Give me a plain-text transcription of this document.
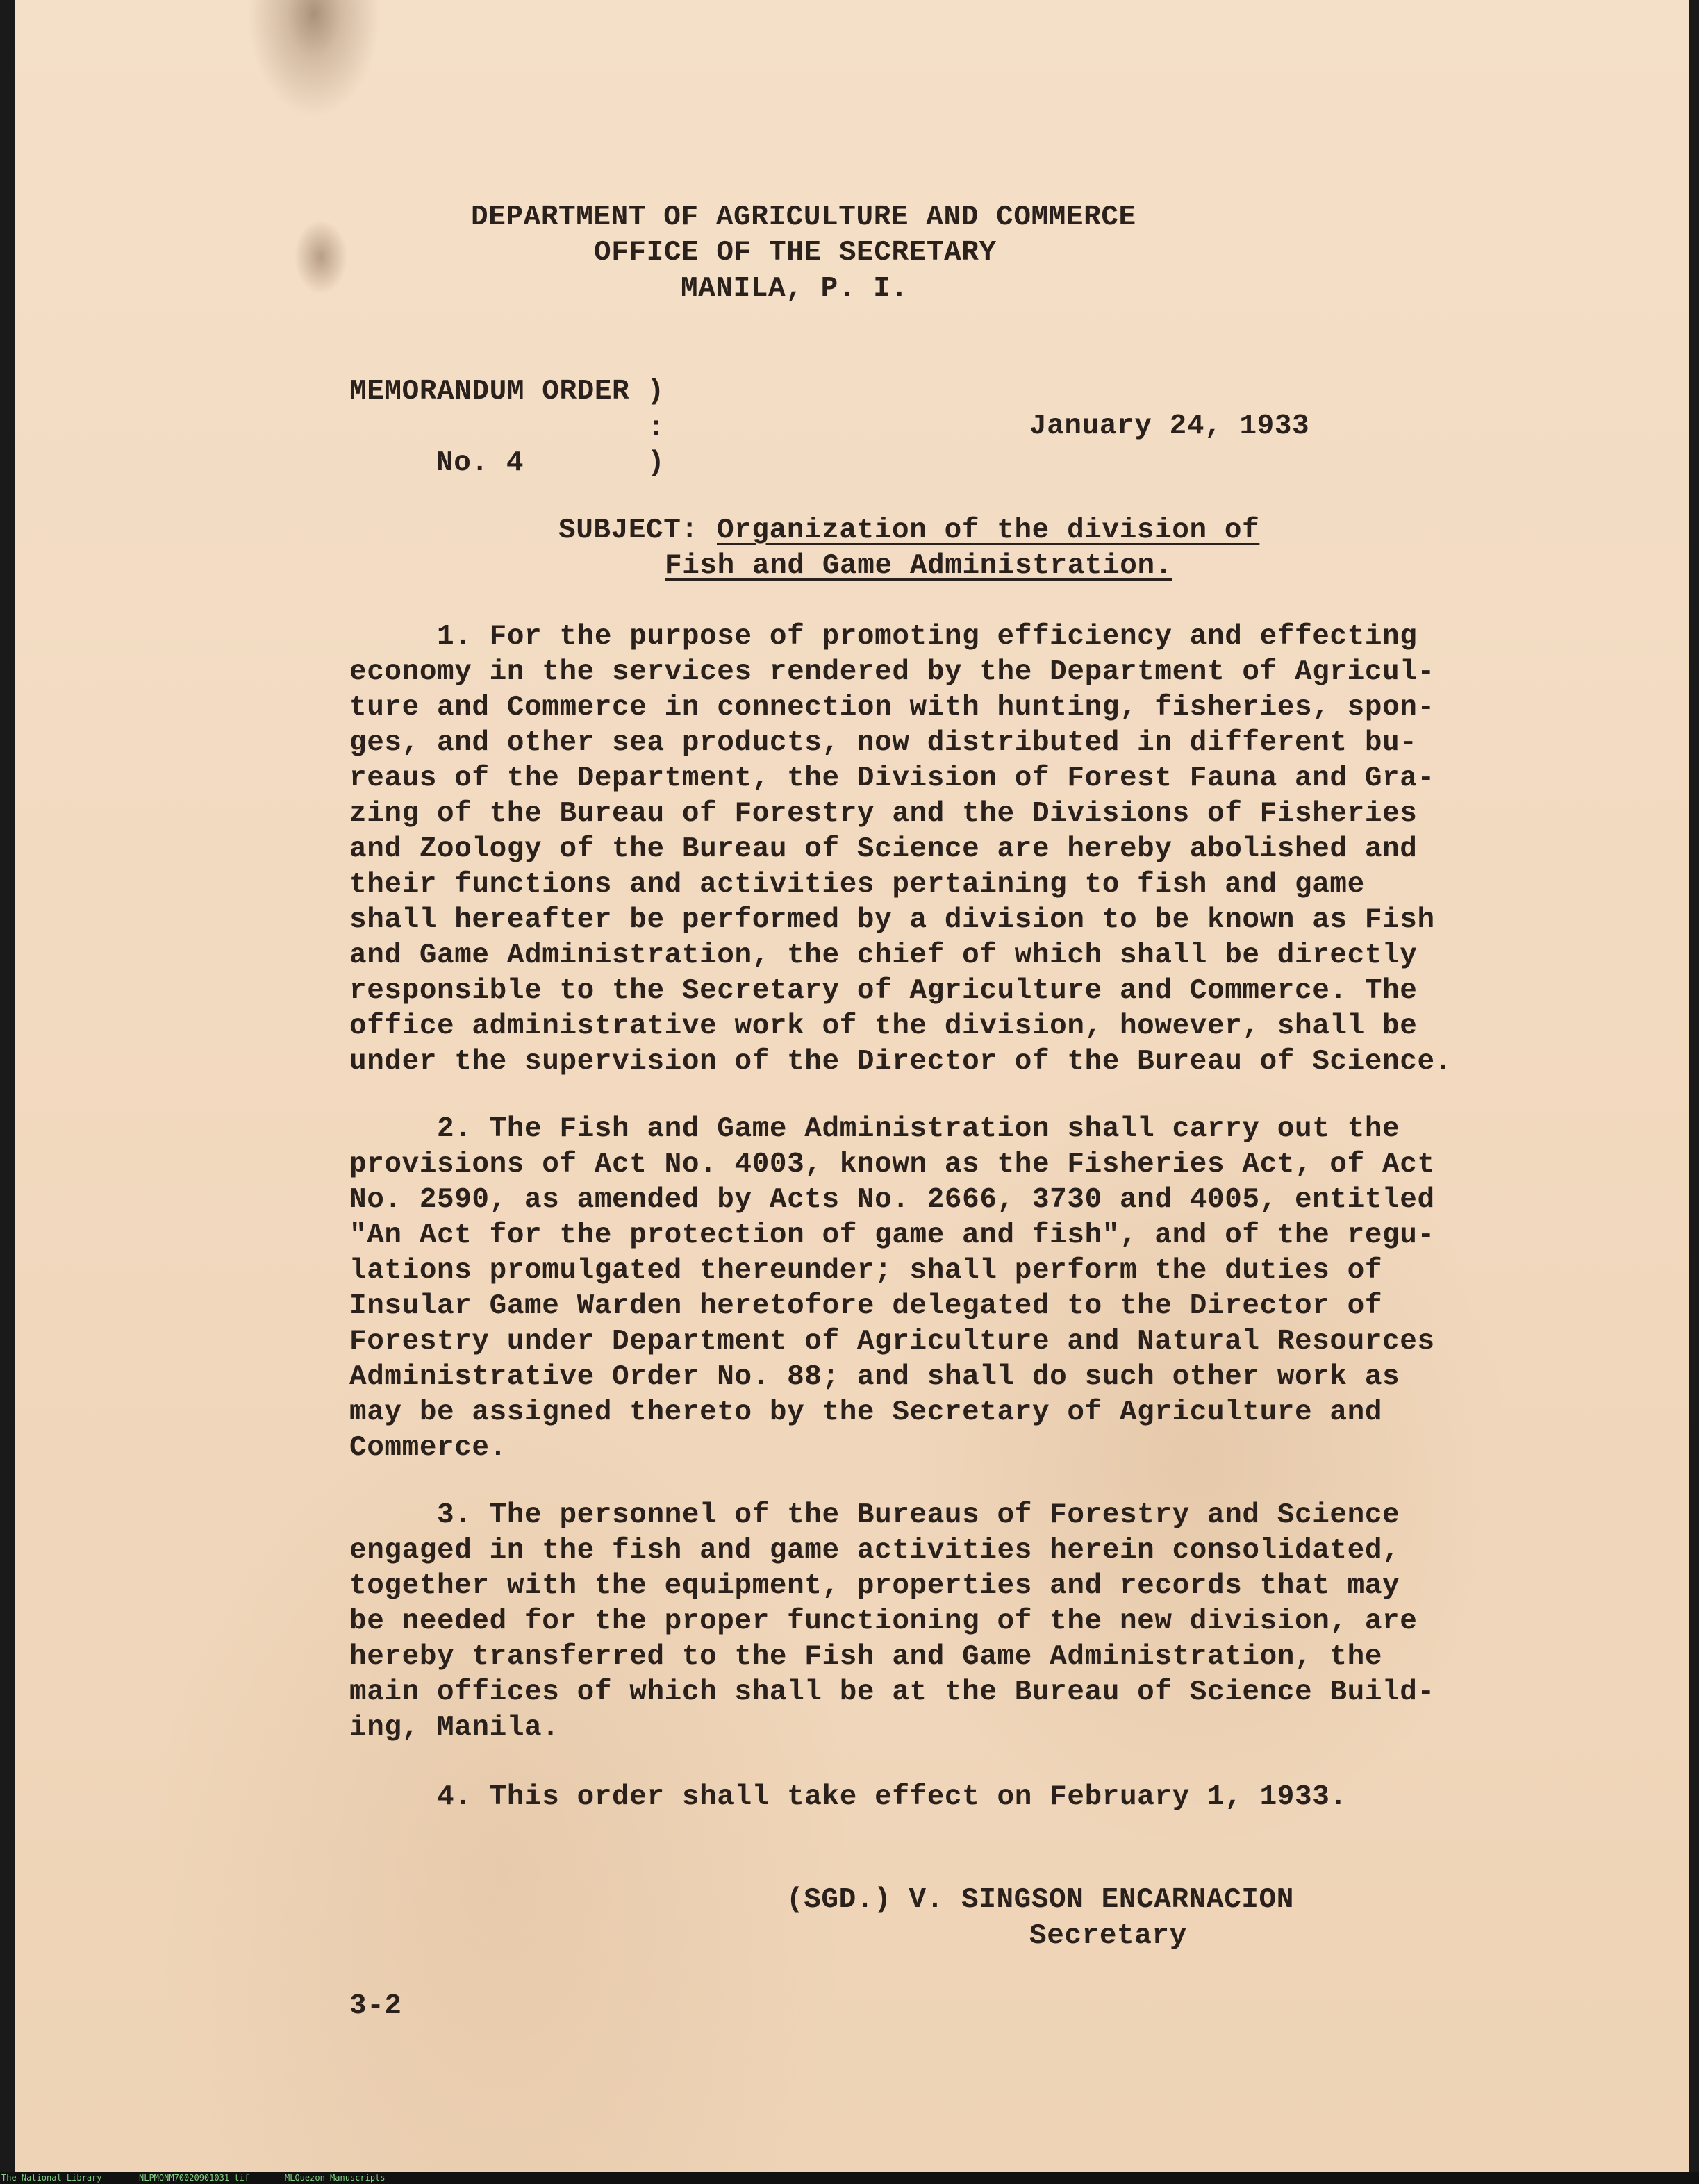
DEPARTMENT OF AGRICULTURE AND COMMERCE
OFFICE OF THE SECRETARY
MANILA, P. I.
MEMORANDUM ORDER )
:
No. 4	)
January 24, 1933
SUBJECT: Organization of the division of
Fish and Game Administration.
1. For the purpose of promoting efficiency and effecting
economy in the services rendered by the Department of Agricul-
ture and Commerce in connection with hunting, fisheries, spon-
ges, and other sea products, now distributed in different bu-
reaus of the Department, the Division of Forest Fauna and Gra-
zing of the Bureau of Forestry and the Divisions of Fisheries
and Zoology of the Bureau of Science are hereby abolished and
their functions and activities pertaining to fish and game
shall hereafter be performed by a division to be known as Fish
and Game Administration, the chief of which shall be directly
responsible to the Secretary of Agriculture and Commerce. The
office administrative work of the division, however, shall be
under the supervision of the Director of the Bureau of Science.
2. The Fish and Game Administration shall carry out the
provisions of Act No. 4003, known as the Fisheries Act, of Act
No. 2590, as amended by Acts No. 2666, 3730 and 4005, entitled
"An Act for the protection of game and fish", and of the regu-
lations promulgated thereunder; shall perform the duties of
Insular Game Warden heretofore delegated to the Director of
Forestry under Department of Agriculture and Natural Resources
Administrative Order No. 88; and shall do such other work as
may be assigned thereto by the Secretary of Agriculture and
Commerce.
3. The personnel of the Bureaus of Forestry and Science
engaged in the fish and game activities herein consolidated,
together with the equipment, properties and records that may
be needed for the proper functioning of the new division, are
hereby transferred to the Fish and Game Administration, the
main offices of which shall be at the Bureau of Science Build-
ing, Manila.
4. This order shall take effect on February 1, 1933.
(SGD.) V. SINGSON ENCARNACION
Secretary
3-2
The National Library	NLPMQNM70020901031 tif	MLQuezon Manuscripts
